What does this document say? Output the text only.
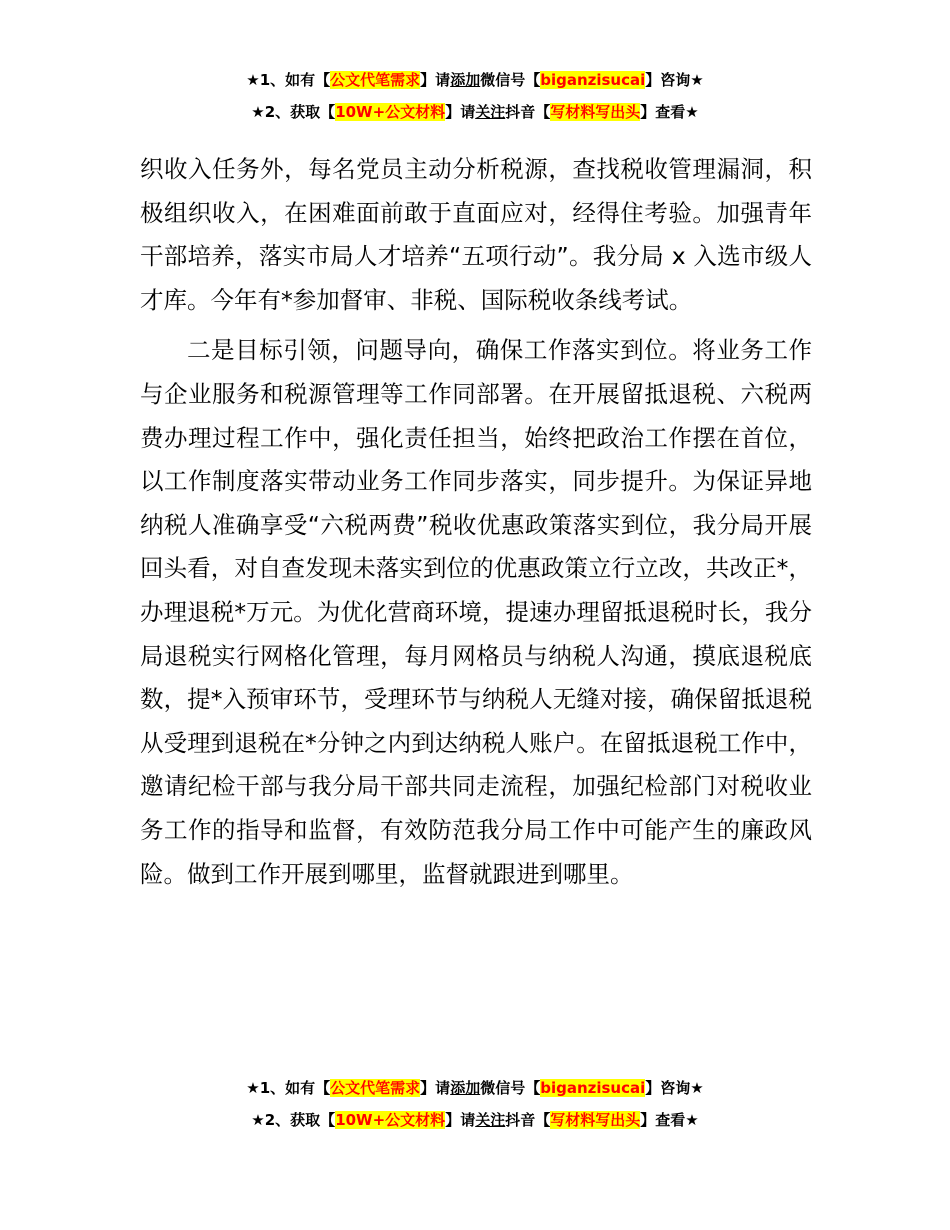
★1、如有【公文代笔需求】请添加微信号【biganzisucai】咨询★
★2、获取【10W+公文材料】请关注抖音【写材料写出头】查看★

织收入任务外，每名党员主动分析税源，查找税收管理漏洞，积极组织收入，在困难面前敢于直面应对，经得住考验。加强青年干部培养，落实市局人才培养“五项行动”。我分局 x 入选市级人才库。今年有*参加督审、非税、国际税收条线考试。

二是目标引领，问题导向，确保工作落实到位。将业务工作与企业服务和税源管理等工作同部署。在开展留抵退税、六税两费办理过程工作中，强化责任担当，始终把政治工作摆在首位，以工作制度落实带动业务工作同步落实，同步提升。为保证异地纳税人准确享受“六税两费”税收优惠政策落实到位，我分局开展回头看，对自查发现未落实到位的优惠政策立行立改，共改正*，办理退税*万元。为优化营商环境，提速办理留抵退税时长，我分局退税实行网格化管理，每月网格员与纳税人沟通，摸底退税底数，提*入预审环节，受理环节与纳税人无缝对接，确保留抵退税从受理到退税在*分钟之内到达纳税人账户。在留抵退税工作中，邀请纪检干部与我分局干部共同走流程，加强纪检部门对税收业务工作的指导和监督，有效防范我分局工作中可能产生的廉政风险。做到工作开展到哪里，监督就跟进到哪里。

★1、如有【公文代笔需求】请添加微信号【biganzisucai】咨询★
★2、获取【10W+公文材料】请关注抖音【写材料写出头】查看★
